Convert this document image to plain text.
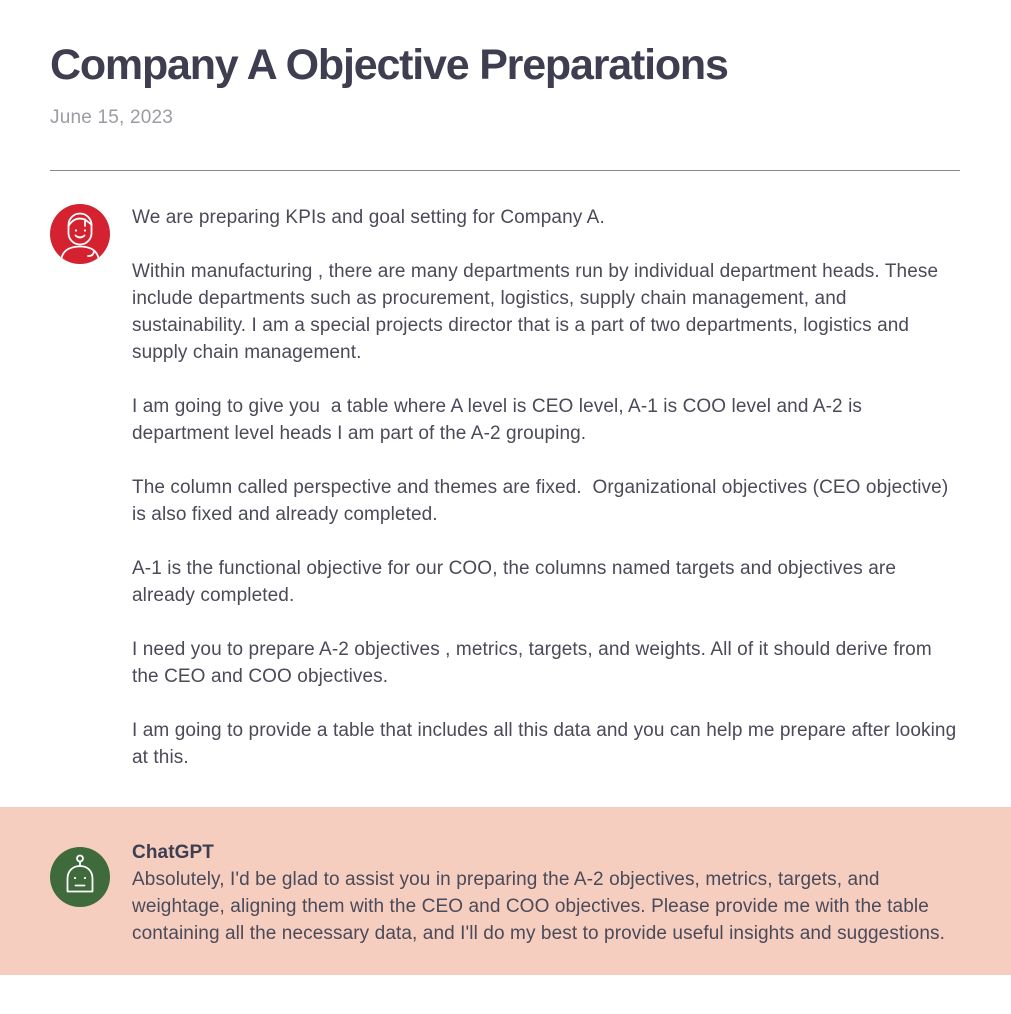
Company A Objective Preparations
June 15, 2023

We are preparing KPIs and goal setting for Company A.

Within manufacturing , there are many departments run by individual department heads. These include departments such as procurement, logistics, supply chain management, and sustainability. I am a special projects director that is a part of two departments, logistics and supply chain management.

I am going to give you  a table where A level is CEO level, A-1 is COO level and A-2 is department level heads I am part of the A-2 grouping.

The column called perspective and themes are fixed.  Organizational objectives (CEO objective) is also fixed and already completed.

A-1 is the functional objective for our COO, the columns named targets and objectives are already completed.

I need you to prepare A-2 objectives , metrics, targets, and weights. All of it should derive from the CEO and COO objectives.

I am going to provide a table that includes all this data and you can help me prepare after looking at this.

ChatGPT

Absolutely, I'd be glad to assist you in preparing the A-2 objectives, metrics, targets, and weightage, aligning them with the CEO and COO objectives. Please provide me with the table containing all the necessary data, and I'll do my best to provide useful insights and suggestions.
